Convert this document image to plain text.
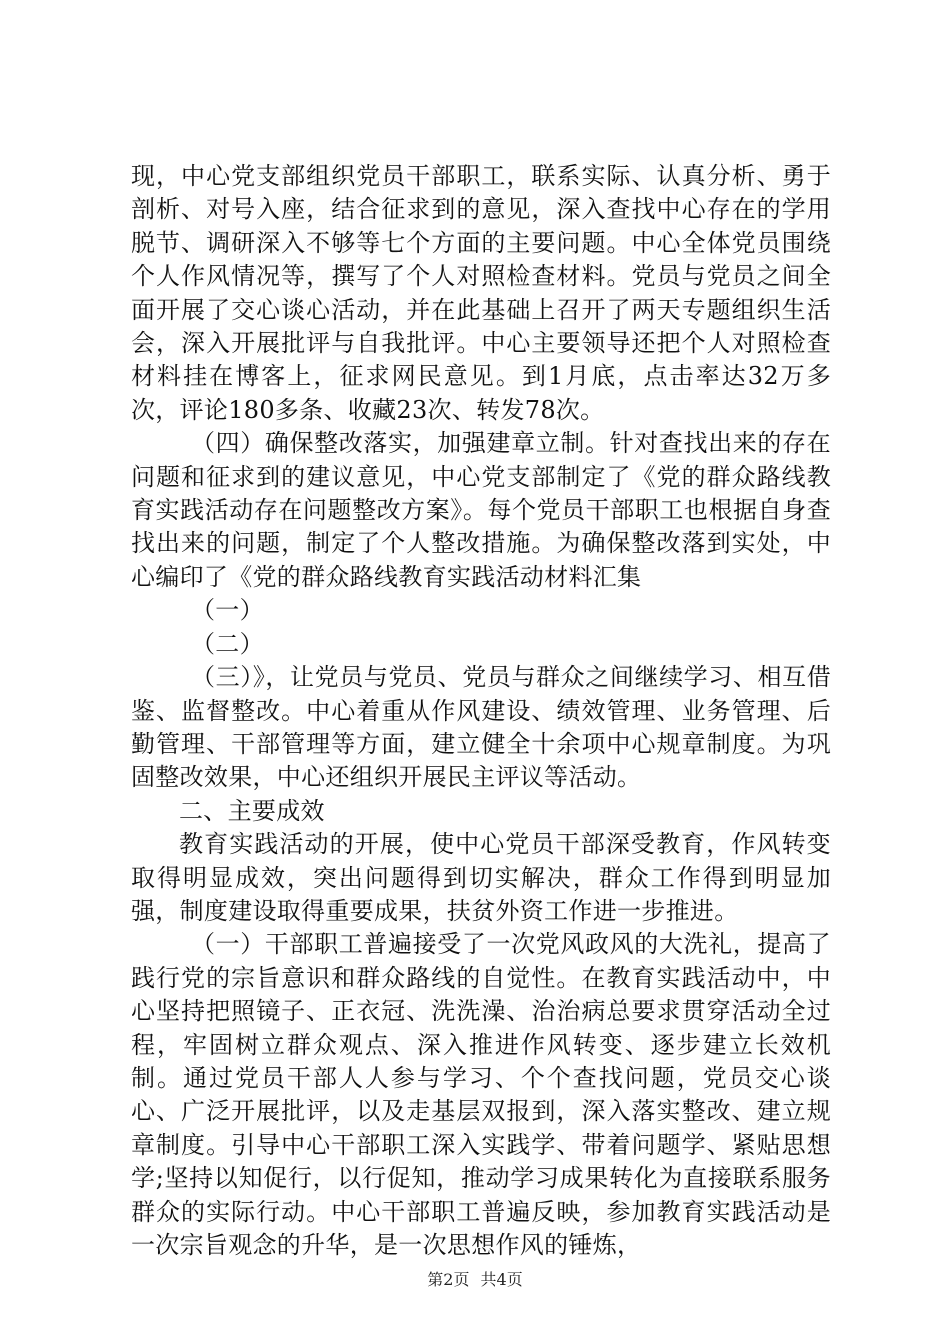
现，中心党支部组织党员干部职工，联系实际、认真分析、勇于剖析、对号入座，结合征求到的意见，深入查找中心存在的学用脱节、调研深入不够等七个方面的主要问题。中心全体党员围绕个人作风情况等，撰写了个人对照检查材料。党员与党员之间全面开展了交心谈心活动，并在此基础上召开了两天专题组织生活会，深入开展批评与自我批评。中心主要领导还把个人对照检查材料挂在博客上，征求网民意见。到1月底，点击率达32万多次，评论180多条、收藏23次、转发78次。

（四）确保整改落实，加强建章立制。针对查找出来的存在问题和征求到的建议意见，中心党支部制定了《党的群众路线教育实践活动存在问题整改方案》。每个党员干部职工也根据自身查找出来的问题，制定了个人整改措施。为确保整改落到实处，中心编印了《党的群众路线教育实践活动材料汇集

（一）

（二）

（三）》，让党员与党员、党员与群众之间继续学习、相互借鉴、监督整改。中心着重从作风建设、绩效管理、业务管理、后勤管理、干部管理等方面，建立健全十余项中心规章制度。为巩固整改效果，中心还组织开展民主评议等活动。

二、主要成效

教育实践活动的开展，使中心党员干部深受教育，作风转变取得明显成效，突出问题得到切实解决，群众工作得到明显加强，制度建设取得重要成果，扶贫外资工作进一步推进。

（一）干部职工普遍接受了一次党风政风的大洗礼，提高了践行党的宗旨意识和群众路线的自觉性。在教育实践活动中，中心坚持把照镜子、正衣冠、洗洗澡、治治病总要求贯穿活动全过程，牢固树立群众观点、深入推进作风转变、逐步建立长效机制。通过党员干部人人参与学习、个个查找问题，党员交心谈心、广泛开展批评，以及走基层双报到，深入落实整改、建立规章制度。引导中心干部职工深入实践学、带着问题学、紧贴思想学;坚持以知促行，以行促知，推动学习成果转化为直接联系服务群众的实际行动。中心干部职工普遍反映，参加教育实践活动是一次宗旨观念的升华，是一次思想作风的锤炼，

第2页 共4页
